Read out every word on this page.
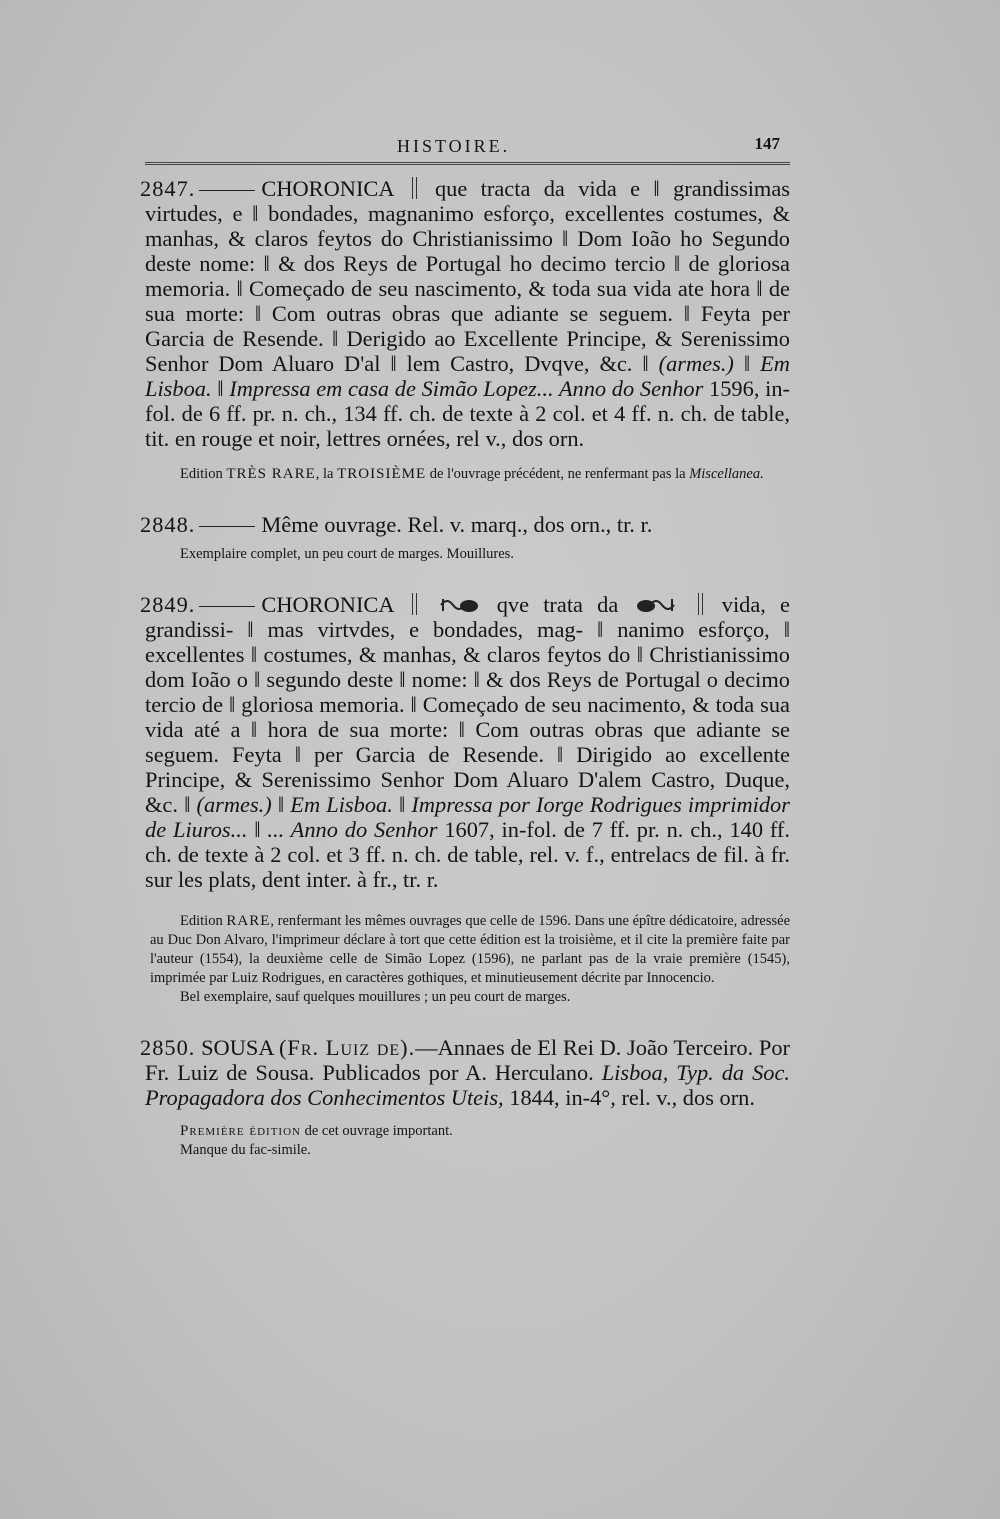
HISTOIRE.	147

2847.	CHORONICA que tracta da vida e ‖ grandissimas virtudes, e ‖ bondades, magnanimo esforço, excellentes costumes, & manhas, & claros feytos do Christianissimo ‖ Dom Ioão ho Segundo deste nome: ‖ & dos Reys de Portugal ho decimo tercio ‖ de gloriosa memoria. ‖ Começado de seu nascimento, & toda sua vida ate hora ‖ de sua morte: ‖ Com outras obras que adiante se seguem. ‖ Feyta per Garcia de Resende. ‖ Derigido ao Excellente Principe, & Serenissimo Senhor Dom Aluaro D'al ‖ lem Castro, Dvqve, &c. ‖ (armes.) ‖ Em Lisboa. ‖ Impressa em casa de Simão Lopez... Anno do Senhor 1596, in-fol. de 6 ff. pr. n. ch., 134 ff. ch. de texte à 2 col. et 4 ff. n. ch. de table, tit. en rouge et noir, lettres ornées, rel v., dos orn.

Edition TRÈS RARE, la TROISIÈME de l'ouvrage précédent, ne renfermant pas la Miscellanea.

2848.	Même ouvrage. Rel. v. marq., dos orn., tr. r.

Exemplaire complet, un peu court de marges. Mouillures.

2849.	CHORONICA	qve trata da	vida, e grandissi- ‖ mas virtvdes, e bondades, mag- ‖ nanimo esforço, ‖ excellentes ‖ costumes, & manhas, & claros feytos do ‖ Christianissimo dom Ioão o ‖ segundo deste ‖ nome: ‖ & dos Reys de Portugal o decimo tercio de ‖ gloriosa memoria. ‖ Começado de seu nacimento, & toda sua vida até a ‖ hora de sua morte: ‖ Com outras obras que adiante se seguem. Feyta ‖ per Garcia de Resende. ‖ Dirigido ao excellente Principe, & Serenissimo Senhor Dom Aluaro D'alem Castro, Duque, &c. ‖ (armes.) ‖ Em Lisboa. ‖ Impressa por Iorge Rodrigues imprimidor de Liuros... ‖ ... Anno do Senhor 1607, in-fol. de 7 ff. pr. n. ch., 140 ff. ch. de texte à 2 col. et 3 ff. n. ch. de table, rel. v. f., entrelacs de fil. à fr. sur les plats, dent inter. à fr., tr. r.

Edition RARE, renfermant les mêmes ouvrages que celle de 1596. Dans une épître dédicatoire, adressée au Duc Don Alvaro, l'imprimeur déclare à tort que cette édition est la troisième, et il cite la première faite par l'auteur (1554), la deuxième celle de Simão Lopez (1596), ne parlant pas de la vraie première (1545), imprimée par Luiz Rodrigues, en caractères gothiques, et minutieusement décrite par Innocencio.

Bel exemplaire, sauf quelques mouillures ; un peu court de marges.

2850. SOUSA (Fr. Luiz de).—Annaes de El Rei D. João Terceiro. Por Fr. Luiz de Sousa. Publicados por A. Herculano. Lisboa, Typ. da Soc. Propagadora dos Conhecimentos Uteis, 1844, in-4°, rel. v., dos orn.

Première édition de cet ouvrage important.

Manque du fac-simile.
